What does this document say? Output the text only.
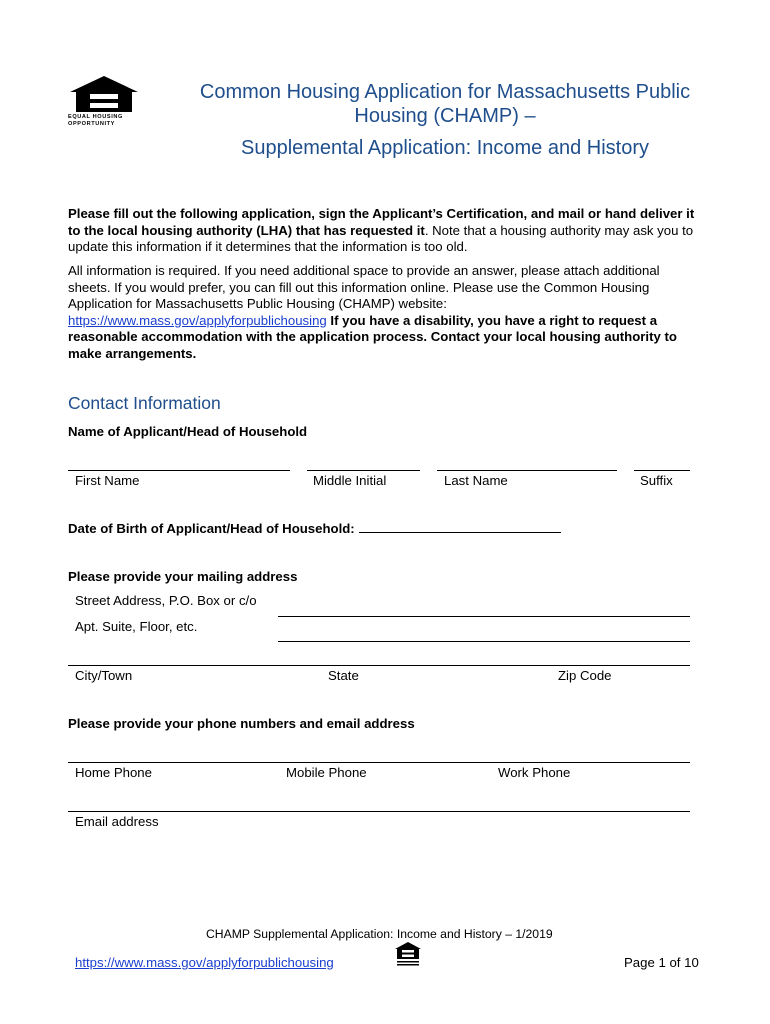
EQUAL HOUSING
OPPORTUNITY
Common Housing Application for Massachusetts Public
Housing (CHAMP) –
Supplemental Application: Income and History
Please fill out the following application, sign the Applicant’s Certification, and mail or hand deliver it to the local housing authority (LHA) that has requested it. Note that a housing authority may ask you to update this information if it determines that the information is too old.
All information is required. If you need additional space to provide an answer, please attach additional sheets. If you would prefer, you can fill out this information online. Please use the Common Housing Application for Massachusetts Public Housing (CHAMP) website: https://www.mass.gov/applyforpublichousing If you have a disability, you have a right to request a reasonable accommodation with the application process. Contact your local housing authority to make arrangements.
Contact Information
Name of Applicant/Head of Household
First Name	Middle Initial	Last Name	Suffix
Date of Birth of Applicant/Head of Household:
Please provide your mailing address
Street Address, P.O. Box or c/o
Apt. Suite, Floor, etc.
City/Town	State	Zip Code
Please provide your phone numbers and email address
Home Phone	Mobile Phone	Work Phone
Email address
CHAMP Supplemental Application: Income and History – 1/2019
https://www.mass.gov/applyforpublichousing	Page 1 of 10
